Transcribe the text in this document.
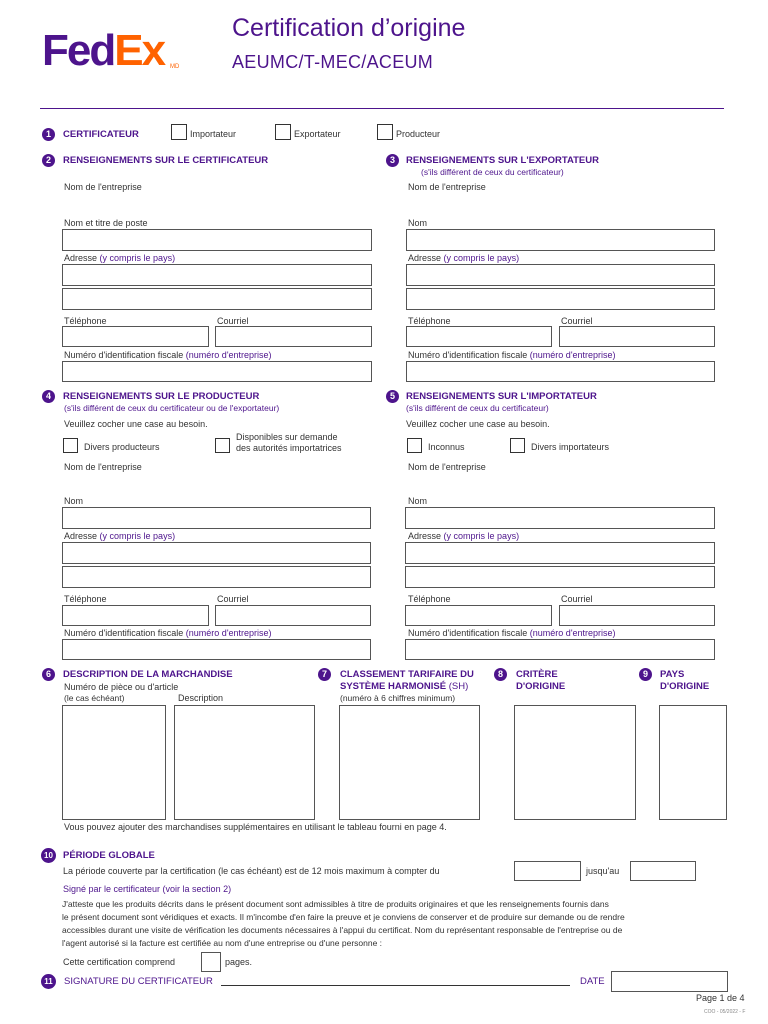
FedEx MD
Certification d’origine
AEUMC/T-MEC/ACEUM
1	CERTIFICATEUR	Importateur	Exportateur	Producteur
2	RENSEIGNEMENTS SUR LE CERTIFICATEUR
Nom de l'entreprise
Nom et titre de poste
Adresse (y compris le pays)
Téléphone	Courriel
Numéro d'identification fiscale (numéro d'entreprise)
3	RENSEIGNEMENTS SUR L'EXPORTATEUR
(s'ils différent de ceux du certificateur)
Nom de l'entreprise
Nom
Adresse (y compris le pays)
Téléphone	Courriel
Numéro d'identification fiscale (numéro d'entreprise)
4	RENSEIGNEMENTS SUR LE PRODUCTEUR
(s'ils différent de ceux du certificateur ou de l'exportateur)
Veuillez cocher une case au besoin.
Divers producteurs
Disponibles sur demande
des autorités importatrices
Nom de l'entreprise
Nom
Adresse (y compris le pays)
Téléphone	Courriel
Numéro d'identification fiscale (numéro d'entreprise)
5	RENSEIGNEMENTS SUR L'IMPORTATEUR
(s'ils différent de ceux du certificateur)
Veuillez cocher une case au besoin.
Inconnus	Divers importateurs
Nom de l'entreprise
Nom
Adresse (y compris le pays)
Téléphone	Courriel
Numéro d'identification fiscale (numéro d'entreprise)
6	DESCRIPTION DE LA MARCHANDISE
Numéro de pièce ou d'article
(le cas échéant)	Description
7	CLASSEMENT TARIFAIRE DU
SYSTÈME HARMONISÉ (SH)
(numéro à 6 chiffres minimum)
8	CRITÈRE
D'ORIGINE
9	PAYS
D'ORIGINE
Vous pouvez ajouter des marchandises supplémentaires en utilisant le tableau fourni en page 4.
10	PÉRIODE GLOBALE
La période couverte par la certification (le cas échéant) est de 12 mois maximum à compter du	jusqu'au
Signé par le certificateur (voir la section 2)
J'atteste que les produits décrits dans le présent document sont admissibles à titre de produits originaires et que les renseignements fournis dans
le présent document sont véridiques et exacts. Il m'incombe d'en faire la preuve et je conviens de conserver et de produire sur demande ou de rendre
accessibles durant une visite de vérification les documents nécessaires à l'appui du certificat. Nom du représentant responsable de l'entreprise ou de
l'agent autorisé si la facture est certifiée au nom d'une entreprise ou d'une personne :
Cette certification comprend	pages.
11	SIGNATURE DU CERTIFICATEUR	DATE
Page 1 de 4
COO - 05/2022 - F
